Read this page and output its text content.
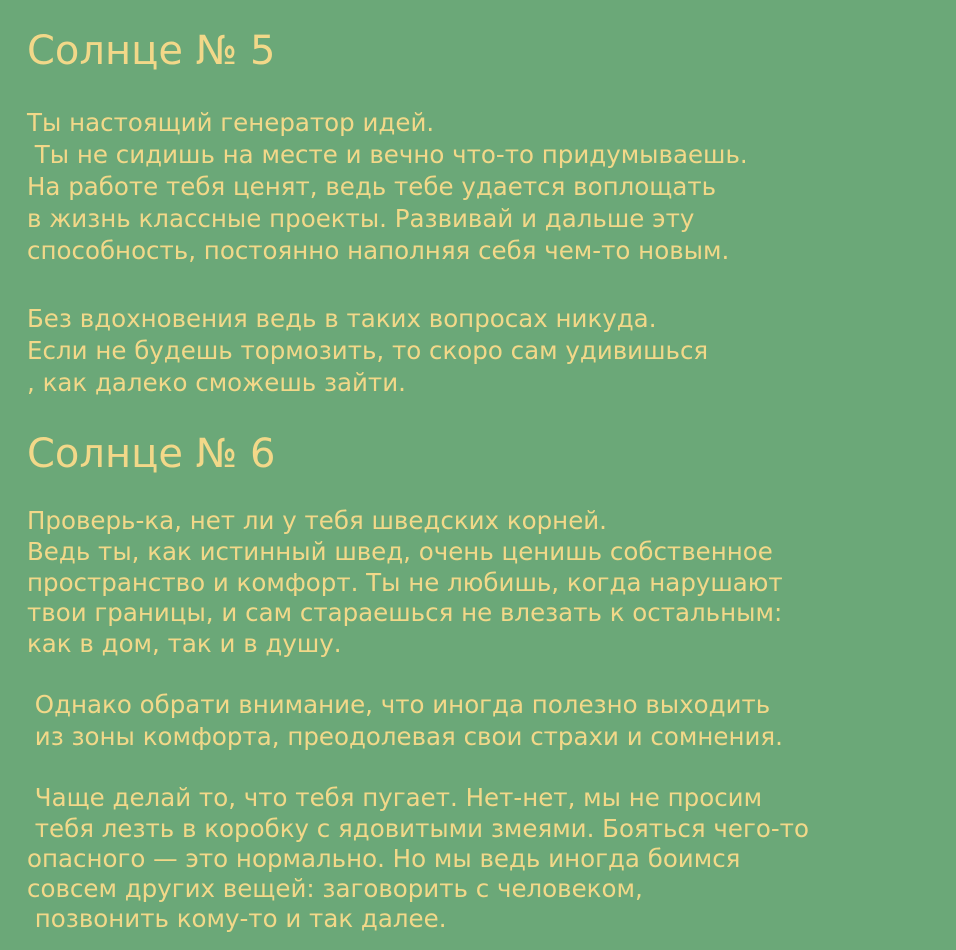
Солнце № 5

Ты настоящий генератор идей.

Ты не сидишь на месте и вечно что-то придумываешь.

На работе тебя ценят, ведь тебе удается воплощать

в жизнь классные проекты. Развивай и дальше эту

способность, постоянно наполняя себя чем-то новым.

Без вдохновения ведь в таких вопросах никуда.

Если не будешь тормозить, то скоро сам удивишься

, как далеко сможешь зайти.

Солнце № 6

Проверь-ка, нет ли у тебя шведских корней.

Ведь ты, как истинный швед, очень ценишь собственное

пространство и комфорт. Ты не любишь, когда нарушают

твои границы, и сам стараешься не влезать к остальным:

как в дом, так и в душу.

Однако обрати внимание, что иногда полезно выходить

из зоны комфорта, преодолевая свои страхи и сомнения.

Чаще делай то, что тебя пугает. Нет-нет, мы не просим

тебя лезть в коробку с ядовитыми змеями. Бояться чего-то

опасного — это нормально. Но мы ведь иногда боимся

совсем других вещей: заговорить с человеком,

позвонить кому-то и так далее.
